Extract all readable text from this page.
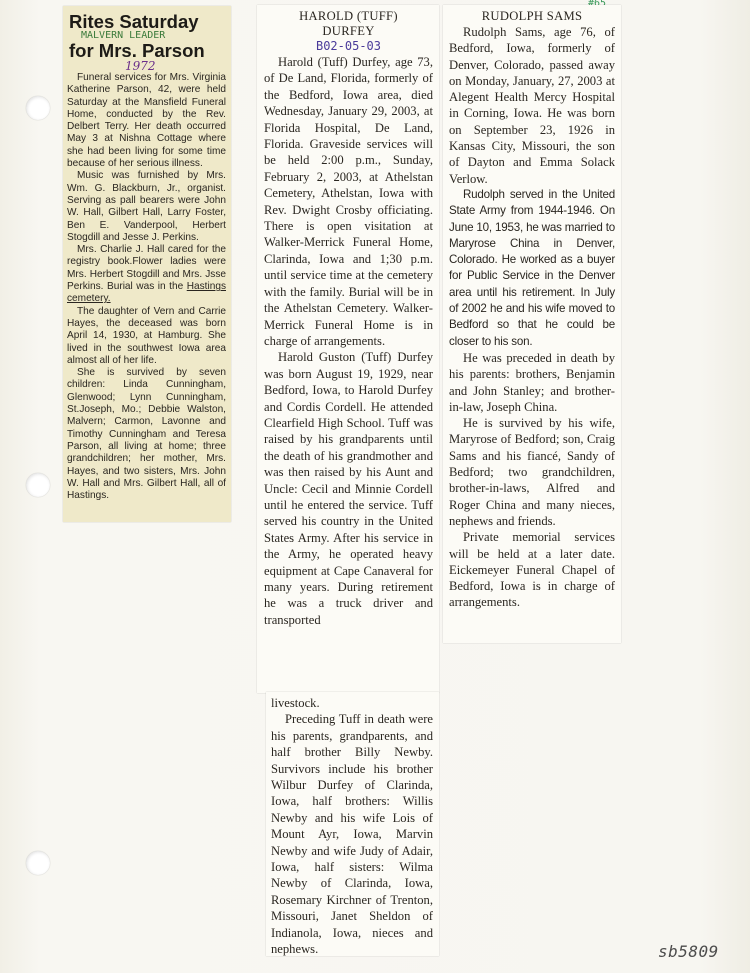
Rites Saturday
MALVERN LEADER
for Mrs. Parson
1972

Funeral services for Mrs. Virginia Katherine Parson, 42, were held Saturday at the Mansfield Funeral Home, conducted by the Rev. Delbert Terry. Her death occurred May 3 at Nishna Cottage where she had been living for some time because of her serious illness.

Music was furnished by Mrs. Wm. G. Blackburn, Jr., organist. Serving as pall bearers were John W. Hall, Gilbert Hall, Larry Foster, Ben E. Vanderpool, Herbert Stogdill and Jesse J. Perkins.

Mrs. Charlie J. Hall cared for the registry book.Flower ladies were Mrs. Herbert Stogdill and Mrs. Jsse Perkins. Burial was in the Hastings cemetery.

The daughter of Vern and Carrie Hayes, the deceased was born April 14, 1930, at Hamburg. She lived in the southwest Iowa area almost all of her life.

She is survived by seven children: Linda Cunningham, Glenwood; Lynn Cunningham, St.Joseph, Mo.; Debbie Walston, Malvern; Carmon, Lavonne and Timothy Cunningham and Teresa Parson, all living at home; three grandchildren; her mother, Mrs. Hayes, and two sisters, Mrs. John W. Hall and Mrs. Gilbert Hall, all of Hastings.

HAROLD (TUFF)
DURFEY
B02-05-03

Harold (Tuff) Durfey, age 73, of De Land, Florida, formerly of the Bedford, Iowa area, died Wednesday, January 29, 2003, at Florida Hospital, De Land, Florida. Graveside services will be held 2:00 p.m., Sunday, February 2, 2003, at Athelstan Cemetery, Athelstan, Iowa with Rev. Dwight Crosby officiating. There is open visitation at Walker-Merrick Funeral Home, Clarinda, Iowa and 1;30 p.m. until service time at the cemetery with the family. Burial will be in the Athelstan Cemetery. Walker-Merrick Funeral Home is in charge of arrangements.

Harold Guston (Tuff) Durfey was born August 19, 1929, near Bedford, Iowa, to Harold Durfey and Cordis Cordell. He attended Clearfield High School. Tuff was raised by his grandparents until the death of his grandmother and was then raised by his Aunt and Uncle: Cecil and Minnie Cordell until he entered the service. Tuff served his country in the United States Army. After his service in the Army, he operated heavy equipment at Cape Canaveral for many years. During retirement he was a truck driver and transported

livestock.

Preceding Tuff in death were his parents, grandparents, and half brother Billy Newby. Survivors include his brother Wilbur Durfey of Clarinda, Iowa, half brothers: Willis Newby and his wife Lois of Mount Ayr, Iowa, Marvin Newby and wife Judy of Adair, Iowa, half sisters: Wilma Newby of Clarinda, Iowa, Rosemary Kirchner of Trenton, Missouri, Janet Sheldon of Indianola, Iowa, nieces and nephews.

RUDOLPH SAMS

Rudolph Sams, age 76, of Bedford, Iowa, formerly of Denver, Colorado, passed away on Monday, January, 27, 2003 at Alegent Health Mercy Hospital in Corning, Iowa. He was born on September 23, 1926 in Kansas City, Missouri, the son of Dayton and Emma Solack Verlow.

Rudolph served in the United State Army from 1944-1946. On June 10, 1953, he was married to Maryrose China in Denver, Colorado. He worked as a buyer for Public Service in the Denver area until his retirement. In July of 2002 he and his wife moved to Bedford so that he could be closer to his son.

He was preceded in death by his parents: brothers, Benjamin and John Stanley; and brother-in-law, Joseph China.

He is survived by his wife, Maryrose of Bedford; son, Craig Sams and his fiancé, Sandy of Bedford; two grandchildren, brother-in-laws, Alfred and Roger China and many nieces, nephews and friends.

Private memorial services will be held at a later date. Eickemeyer Funeral Chapel of Bedford, Iowa is in charge of arrangements.

sb5809
